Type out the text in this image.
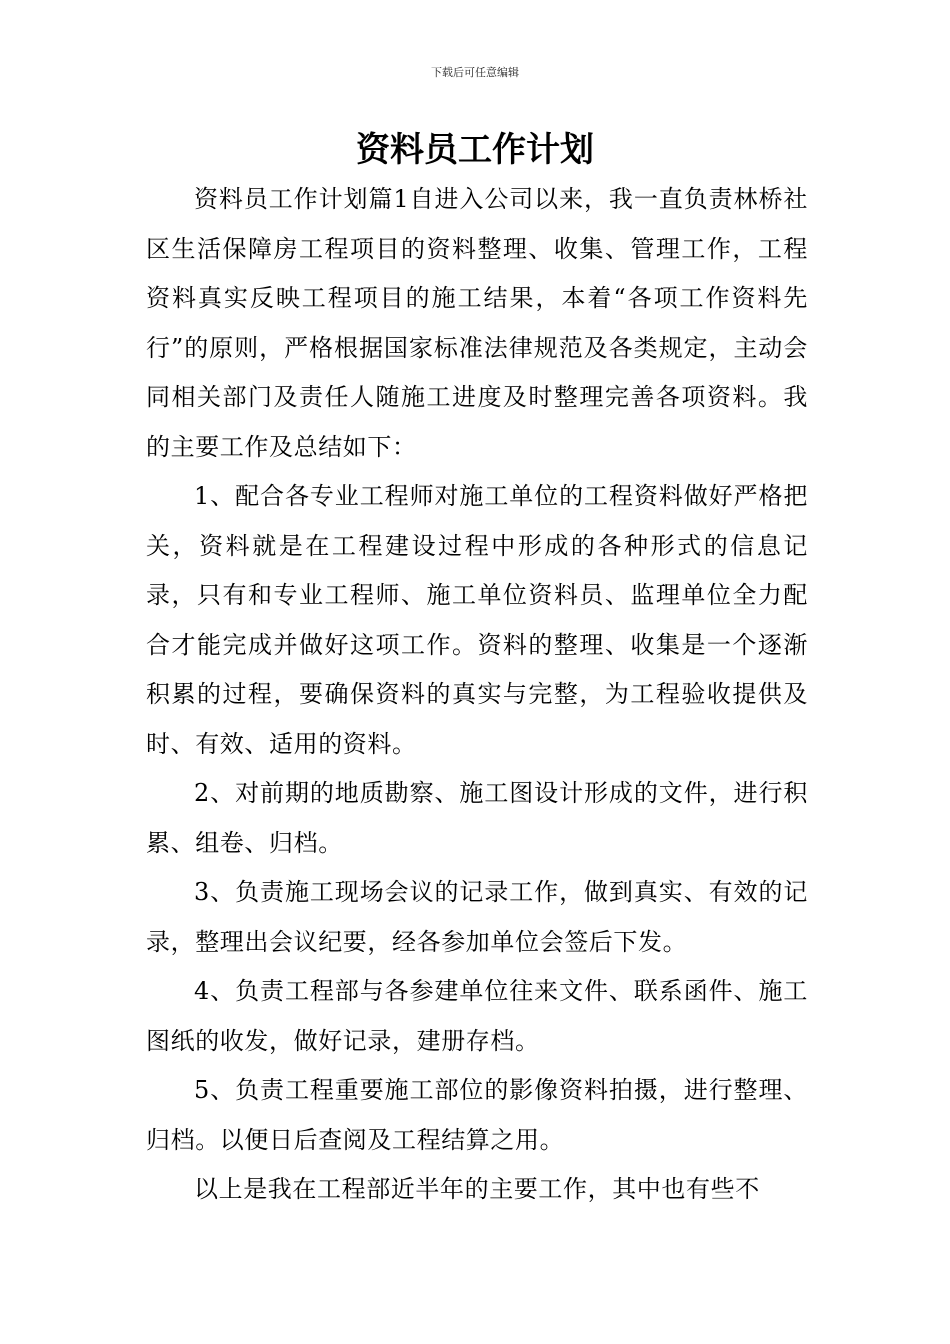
下载后可任意编辑
资料员工作计划

资料员工作计划篇1自进入公司以来，我一直负责林桥社区生活保障房工程项目的资料整理、收集、管理工作，工程资料真实反映工程项目的施工结果，本着“各项工作资料先行”的原则，严格根据国家标准法律规范及各类规定，主动会同相关部门及责任人随施工进度及时整理完善各项资料。我的主要工作及总结如下：

1、配合各专业工程师对施工单位的工程资料做好严格把关，资料就是在工程建设过程中形成的各种形式的信息记录，只有和专业工程师、施工单位资料员、监理单位全力配合才能完成并做好这项工作。资料的整理、收集是一个逐渐积累的过程，要确保资料的真实与完整，为工程验收提供及时、有效、适用的资料。

2、对前期的地质勘察、施工图设计形成的文件，进行积累、组卷、归档。

3、负责施工现场会议的记录工作，做到真实、有效的记录，整理出会议纪要，经各参加单位会签后下发。

4、负责工程部与各参建单位往来文件、联系函件、施工图纸的收发，做好记录，建册存档。

5、负责工程重要施工部位的影像资料拍摄，进行整理、归档。以便日后查阅及工程结算之用。

以上是我在工程部近半年的主要工作，其中也有些不
